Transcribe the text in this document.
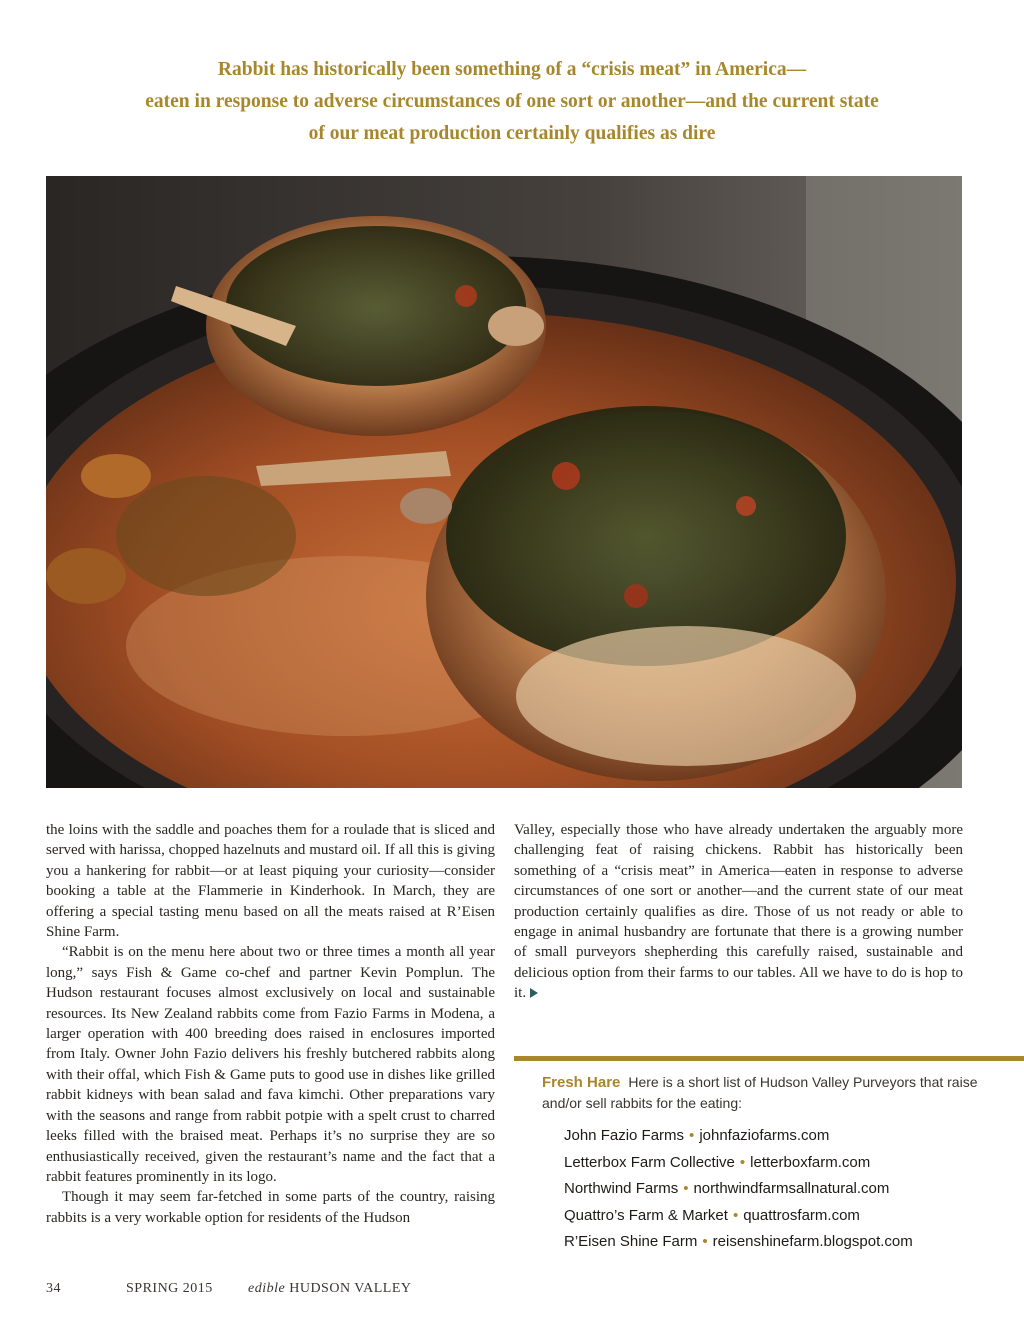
Rabbit has historically been something of a “crisis meat” in America—
eaten in response to adverse circumstances of one sort or another—and the current state
of our meat production certainly qualifies as dire

the loins with the saddle and poaches them for a roulade that is sliced and served with harissa, chopped hazelnuts and mustard oil. If all this is giving you a hankering for rabbit—or at least piquing your curiosity—consider booking a table at the Flammerie in Kinderhook. In March, they are offering a special tasting menu based on all the meats raised at R’Eisen Shine Farm.

“Rabbit is on the menu here about two or three times a month all year long,” says Fish & Game co-chef and partner Kevin Pomplun. The Hudson restaurant focuses almost exclusively on local and sustainable resources. Its New Zealand rabbits come from Fazio Farms in Modena, a larger operation with 400 breeding does raised in enclosures imported from Italy. Owner John Fazio delivers his freshly butchered rabbits along with their offal, which Fish & Game puts to good use in dishes like grilled rabbit kidneys with bean salad and fava kimchi. Other preparations vary with the seasons and range from rabbit potpie with a spelt crust to charred leeks filled with the braised meat. Perhaps it’s no surprise they are so enthusiastically received, given the restaurant’s name and the fact that a rabbit features prominently in its logo.

Though it may seem far-fetched in some parts of the country, raising rabbits is a very workable option for residents of the Hudson

Valley, especially those who have already undertaken the arguably more challenging feat of raising chickens. Rabbit has historically been something of a “crisis meat” in America—eaten in response to adverse circumstances of one sort or another—and the current state of our meat production certainly qualifies as dire. Those of us not ready or able to engage in animal husbandry are fortunate that there is a growing number of small purveyors shepherding this carefully raised, sustainable and delicious option from their farms to our tables. All we have to do is hop to it.

Fresh Hare Here is a short list of Hudson Valley Purveyors that raise and/or sell rabbits for the eating:

John Fazio Farms • johnfaziofarms.com
Letterbox Farm Collective • letterboxfarm.com
Northwind Farms • northwindfarmsallnatural.com
Quattro’s Farm & Market • quattrosfarm.com
R’Eisen Shine Farm • reisenshinefarm.blogspot.com
34	SPRING 2015	edible HUDSON VALLEY
